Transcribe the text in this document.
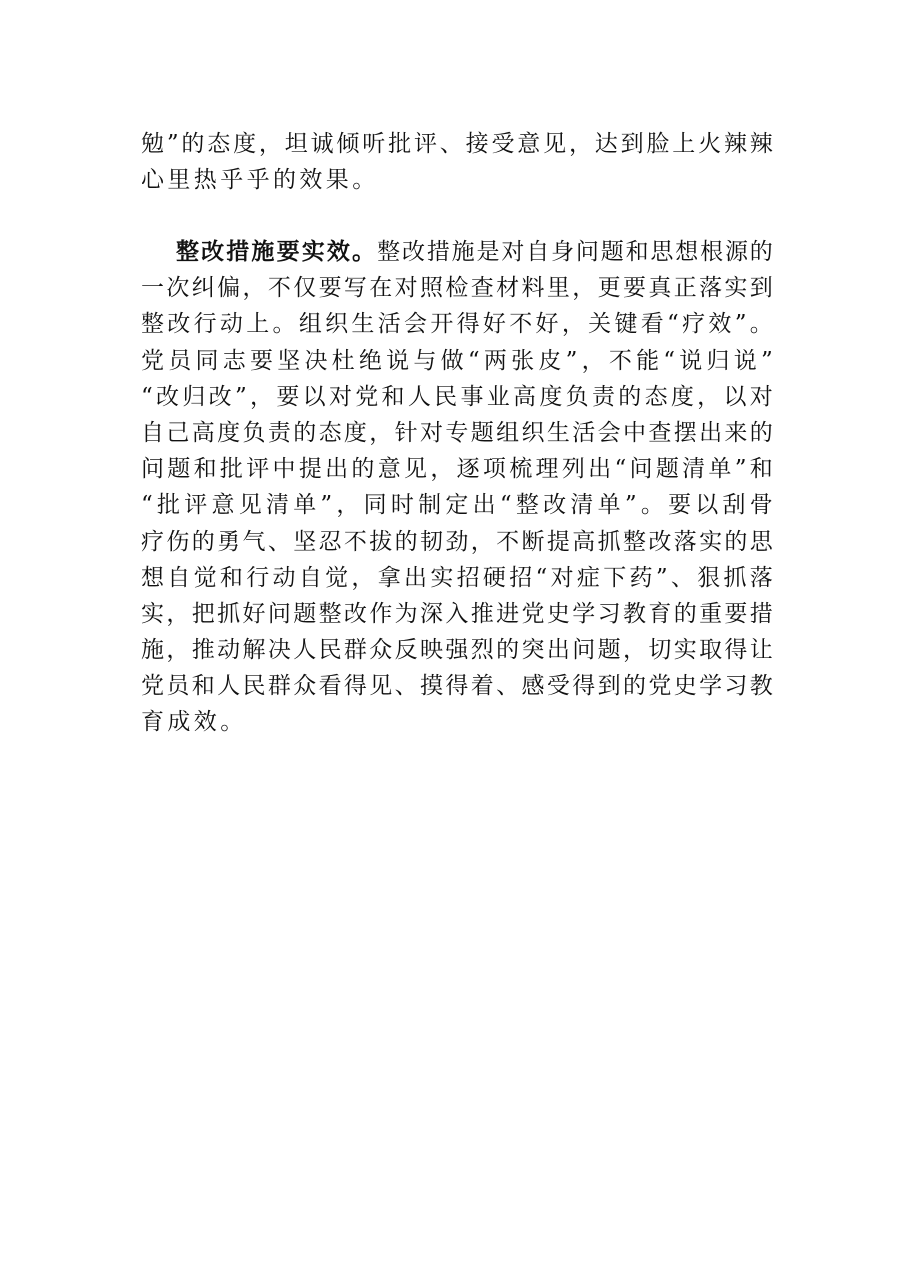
勉”的态度，坦诚倾听批评、接受意见，达到脸上火辣辣
心里热乎乎的效果。
整改措施要实效。整改措施是对自身问题和思想根源的
一次纠偏，不仅要写在对照检查材料里，更要真正落实到
整改行动上。组织生活会开得好不好，关键看“疗效”。
党员同志要坚决杜绝说与做“两张皮”，不能“说归说”
“改归改”，要以对党和人民事业高度负责的态度，以对
自己高度负责的态度，针对专题组织生活会中查摆出来的
问题和批评中提出的意见，逐项梳理列出“问题清单”和
“批评意见清单”，同时制定出“整改清单”。要以刮骨
疗伤的勇气、坚忍不拔的韧劲，不断提高抓整改落实的思
想自觉和行动自觉，拿出实招硬招“对症下药”、狠抓落
实，把抓好问题整改作为深入推进党史学习教育的重要措
施，推动解决人民群众反映强烈的突出问题，切实取得让
党员和人民群众看得见、摸得着、感受得到的党史学习教
育成效。
